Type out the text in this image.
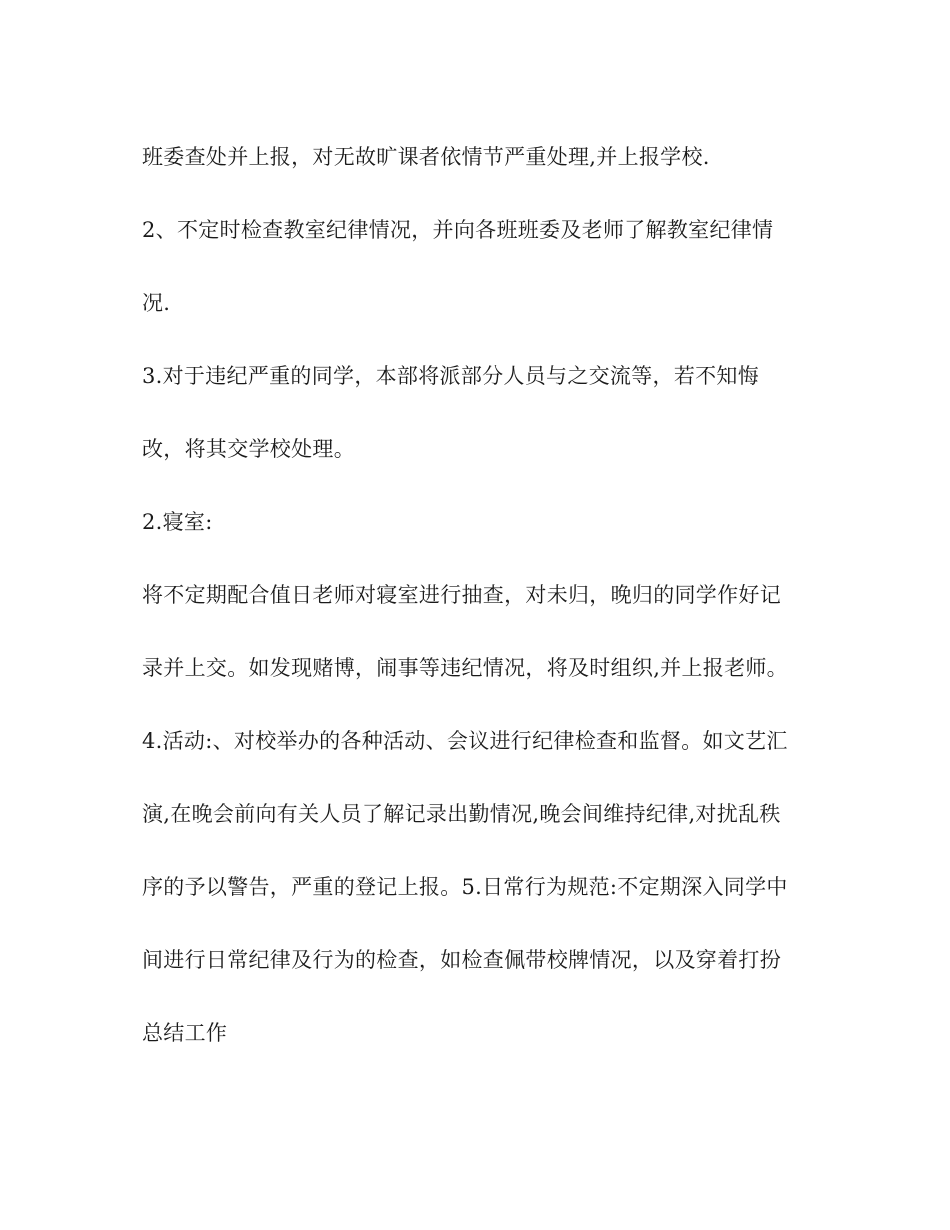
班委查处并上报，对无故旷课者依情节严重处理,并上报学校.
2、不定时检查教室纪律情况，并向各班班委及老师了解教室纪律情
况.
3.对于违纪严重的同学，本部将派部分人员与之交流等，若不知悔
改，将其交学校处理。
2.寝室:
将不定期配合值日老师对寝室进行抽查，对未归，晚归的同学作好记
录并上交。如发现赌博，闹事等违纪情况，将及时组织,并上报老师。
4.活动:、对校举办的各种活动、会议进行纪律检查和监督。如文艺汇
演,在晚会前向有关人员了解记录出勤情况,晚会间维持纪律,对扰乱秩
序的予以警告，严重的登记上报。5.日常行为规范:不定期深入同学中
间进行日常纪律及行为的检查，如检查佩带校牌情况，以及穿着打扮
总结工作
